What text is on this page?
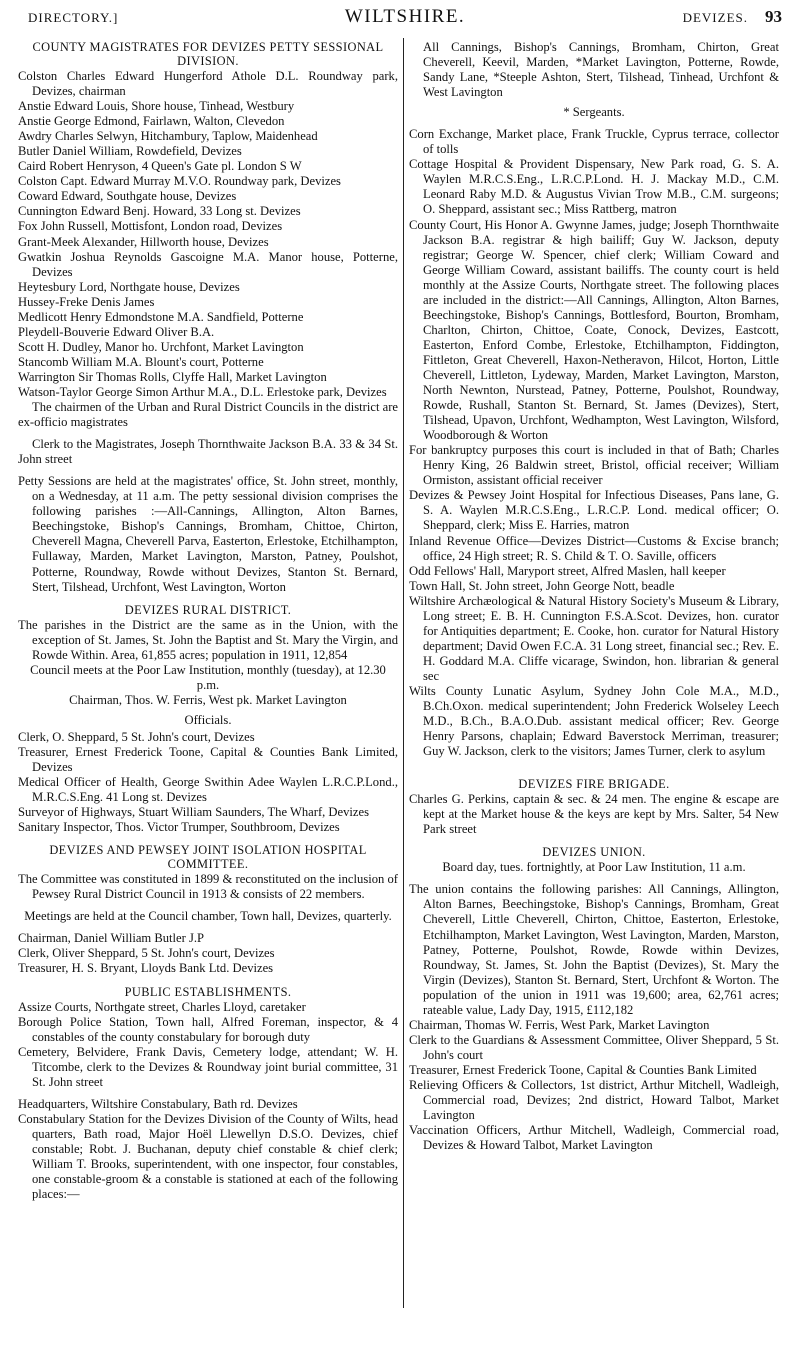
DIRECTORY.]	WILTSHIRE.	DEVIZES. 93

COUNTY MAGISTRATES FOR DEVIZES PETTY SESSIONAL DIVISION.

Colston Charles Edward Hungerford Athole D.L. Roundway park, Devizes, chairman

Anstie Edward Louis, Shore house, Tinhead, Westbury

Anstie George Edmond, Fairlawn, Walton, Clevedon

Awdry Charles Selwyn, Hitchambury, Taplow, Maidenhead

Butler Daniel William, Rowdefield, Devizes

Caird Robert Henryson, 4 Queen's Gate pl. London S W

Colston Capt. Edward Murray M.V.O. Roundway park, Devizes

Coward Edward, Southgate house, Devizes

Cunnington Edward Benj. Howard, 33 Long st. Devizes

Fox John Russell, Mottisfont, London road, Devizes

Grant-Meek Alexander, Hillworth house, Devizes

Gwatkin Joshua Reynolds Gascoigne M.A. Manor house, Potterne, Devizes

Heytesbury Lord, Northgate house, Devizes

Hussey-Freke Denis James

Medlicott Henry Edmondstone M.A. Sandfield, Potterne

Pleydell-Bouverie Edward Oliver B.A.

Scott H. Dudley, Manor ho. Urchfont, Market Lavington

Stancomb William M.A. Blount's court, Potterne

Warrington Sir Thomas Rolls, Clyffe Hall, Market Lavington

Watson-Taylor George Simon Arthur M.A., D.L. Erlestoke park, Devizes

The chairmen of the Urban and Rural District Councils in the district are ex-officio magistrates

Clerk to the Magistrates, Joseph Thornthwaite Jackson B.A. 33 & 34 St. John street

Petty Sessions are held at the magistrates' office, St. John street, monthly, on a Wednesday, at 11 a.m. The petty sessional division comprises the following parishes :—All-Cannings, Allington, Alton Barnes, Beechingstoke, Bishop's Cannings, Bromham, Chittoe, Chirton, Cheverell Magna, Cheverell Parva, Easterton, Erlestoke, Etchilhampton, Fullaway, Marden, Market Lavington, Marston, Patney, Poulshot, Potterne, Roundway, Rowde without Devizes, Stanton St. Bernard, Stert, Tilshead, Urchfont, West Lavington, Worton

DEVIZES RURAL DISTRICT.

The parishes in the District are the same as in the Union, with the exception of St. James, St. John the Baptist and St. Mary the Virgin, and Rowde Within. Area, 61,855 acres; population in 1911, 12,854

Council meets at the Poor Law Institution, monthly (tuesday), at 12.30 p.m.

Chairman, Thos. W. Ferris, West pk. Market Lavington

Officials.

Clerk, O. Sheppard, 5 St. John's court, Devizes

Treasurer, Ernest Frederick Toone, Capital & Counties Bank Limited, Devizes

Medical Officer of Health, George Swithin Adee Waylen L.R.C.P.Lond., M.R.C.S.Eng. 41 Long st. Devizes

Surveyor of Highways, Stuart William Saunders, The Wharf, Devizes

Sanitary Inspector, Thos. Victor Trumper, Southbroom, Devizes

DEVIZES AND PEWSEY JOINT ISOLATION HOSPITAL COMMITTEE.

The Committee was constituted in 1899 & reconstituted on the inclusion of Pewsey Rural District Council in 1913 & consists of 22 members.

Meetings are held at the Council chamber, Town hall, Devizes, quarterly.

Chairman, Daniel William Butler J.P

Clerk, Oliver Sheppard, 5 St. John's court, Devizes

Treasurer, H. S. Bryant, Lloyds Bank Ltd. Devizes

PUBLIC ESTABLISHMENTS.

Assize Courts, Northgate street, Charles Lloyd, caretaker

Borough Police Station, Town hall, Alfred Foreman, inspector, & 4 constables of the county constabulary for borough duty

Cemetery, Belvidere, Frank Davis, Cemetery lodge, attendant; W. H. Titcombe, clerk to the Devizes & Roundway joint burial committee, 31 St. John street

Headquarters, Wiltshire Constabulary, Bath rd. Devizes

Constabulary Station for the Devizes Division of the County of Wilts, head quarters, Bath road, Major Hoël Llewellyn D.S.O. Devizes, chief constable; Robt. J. Buchanan, deputy chief constable & chief clerk; William T. Brooks, superintendent, with one inspector, four constables, one constable-groom & a constable is stationed at each of the following places:—

All Cannings, Bishop's Cannings, Bromham, Chirton, Great Cheverell, Keevil, Marden, *Market Lavington, Potterne, Rowde, Sandy Lane, *Steeple Ashton, Stert, Tilshead, Tinhead, Urchfont & West Lavington

* Sergeants.

Corn Exchange, Market place, Frank Truckle, Cyprus terrace, collector of tolls

Cottage Hospital & Provident Dispensary, New Park road, G. S. A. Waylen M.R.C.S.Eng., L.R.C.P.Lond. H. J. Mackay M.D., C.M. Leonard Raby M.D. & Augustus Vivian Trow M.B., C.M. surgeons; O. Sheppard, assistant sec.; Miss Rattberg, matron

County Court, His Honor A. Gwynne James, judge; Joseph Thornthwaite Jackson B.A. registrar & high bailiff; Guy W. Jackson, deputy registrar; George W. Spencer, chief clerk; William Coward and George William Coward, assistant bailiffs. The county court is held monthly at the Assize Courts, Northgate street. The following places are included in the district:—All Cannings, Allington, Alton Barnes, Beechingstoke, Bishop's Cannings, Bottlesford, Bourton, Bromham, Charlton, Chirton, Chittoe, Coate, Conock, Devizes, Eastcott, Easterton, Enford Combe, Erlestoke, Etchilhampton, Fiddington, Fittleton, Great Cheverell, Haxon-Netheravon, Hilcot, Horton, Little Cheverell, Littleton, Lydeway, Marden, Market Lavington, Marston, North Newnton, Nurstead, Patney, Potterne, Poulshot, Roundway, Rowde, Rushall, Stanton St. Bernard, St. James (Devizes), Stert, Tilshead, Upavon, Urchfont, Wedhampton, West Lavington, Wilsford, Woodborough & Worton

For bankruptcy purposes this court is included in that of Bath; Charles Henry King, 26 Baldwin street, Bristol, official receiver; William Ormiston, assistant official receiver

Devizes & Pewsey Joint Hospital for Infectious Diseases, Pans lane, G. S. A. Waylen M.R.C.S.Eng., L.R.C.P. Lond. medical officer; O. Sheppard, clerk; Miss E. Harries, matron

Inland Revenue Office—Devizes District—Customs & Excise branch; office, 24 High street; R. S. Child & T. O. Saville, officers

Odd Fellows' Hall, Maryport street, Alfred Maslen, hall keeper

Town Hall, St. John street, John George Nott, beadle

Wiltshire Archæological & Natural History Society's Museum & Library, Long street; E. B. H. Cunnington F.S.A.Scot. Devizes, hon. curator for Antiquities department; E. Cooke, hon. curator for Natural History department; David Owen F.C.A. 31 Long street, financial sec.; Rev. E. H. Goddard M.A. Cliffe vicarage, Swindon, hon. librarian & general sec

Wilts County Lunatic Asylum, Sydney John Cole M.A., M.D., B.Ch.Oxon. medical superintendent; John Frederick Wolseley Leech M.D., B.Ch., B.A.O.Dub. assistant medical officer; Rev. George Henry Parsons, chaplain; Edward Baverstock Merriman, treasurer; Guy W. Jackson, clerk to the visitors; James Turner, clerk to asylum

DEVIZES FIRE BRIGADE.

Charles G. Perkins, captain & sec. & 24 men. The engine & escape are kept at the Market house & the keys are kept by Mrs. Salter, 54 New Park street

DEVIZES UNION.

Board day, tues. fortnightly, at Poor Law Institution, 11 a.m.

The union contains the following parishes: All Cannings, Allington, Alton Barnes, Beechingstoke, Bishop's Cannings, Bromham, Great Cheverell, Little Cheverell, Chirton, Chittoe, Easterton, Erlestoke, Etchilhampton, Market Lavington, West Lavington, Marden, Marston, Patney, Potterne, Poulshot, Rowde, Rowde within Devizes, Roundway, St. James, St. John the Baptist (Devizes), St. Mary the Virgin (Devizes), Stanton St. Bernard, Stert, Urchfont & Worton. The population of the union in 1911 was 19,600; area, 62,761 acres; rateable value, Lady Day, 1915, £112,182

Chairman, Thomas W. Ferris, West Park, Market Lavington

Clerk to the Guardians & Assessment Committee, Oliver Sheppard, 5 St. John's court

Treasurer, Ernest Frederick Toone, Capital & Counties Bank Limited

Relieving Officers & Collectors, 1st district, Arthur Mitchell, Wadleigh, Commercial road, Devizes; 2nd district, Howard Talbot, Market Lavington

Vaccination Officers, Arthur Mitchell, Wadleigh, Commercial road, Devizes & Howard Talbot, Market Lavington
